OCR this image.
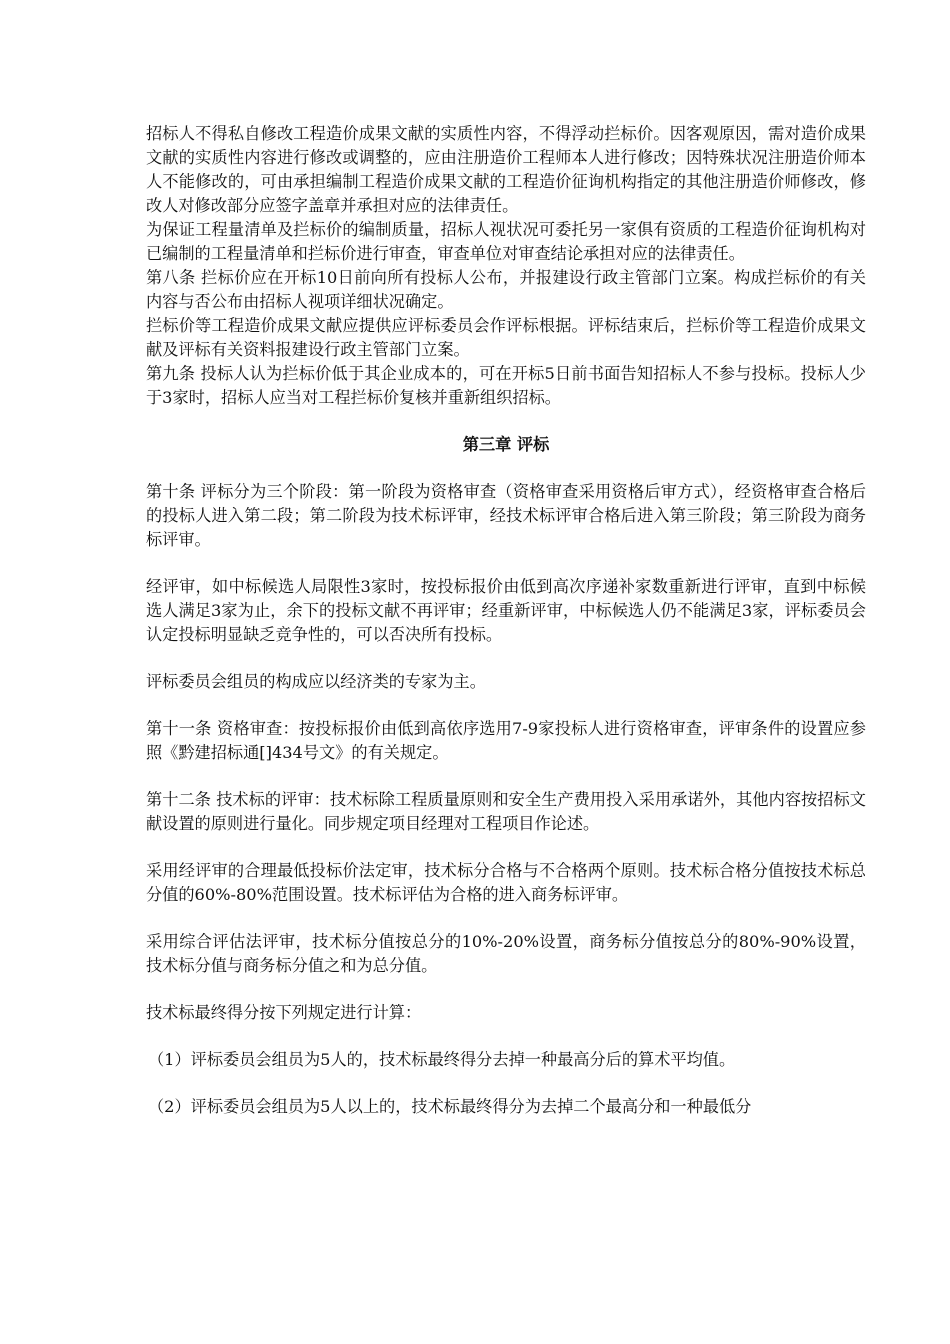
招标人不得私自修改工程造价成果文献的实质性内容，不得浮动拦标价。因客观原因，需对造价成果文献的实质性内容进行修改或调整的，应由注册造价工程师本人进行修改；因特殊状况注册造价师本人不能修改的，可由承担编制工程造价成果文献的工程造价征询机构指定的其他注册造价师修改，修改人对修改部分应签字盖章并承担对应的法律责任。

为保证工程量清单及拦标价的编制质量，招标人视状况可委托另一家俱有资质的工程造价征询机构对已编制的工程量清单和拦标价进行审查，审查单位对审查结论承担对应的法律责任。

第八条 拦标价应在开标10日前向所有投标人公布，并报建设行政主管部门立案。构成拦标价的有关内容与否公布由招标人视项详细状况确定。

拦标价等工程造价成果文献应提供应评标委员会作评标根据。评标结束后，拦标价等工程造价成果文献及评标有关资料报建设行政主管部门立案。

第九条 投标人认为拦标价低于其企业成本的，可在开标5日前书面告知招标人不参与投标。投标人少于3家时，招标人应当对工程拦标价复核并重新组织招标。

第三章 评标

第十条 评标分为三个阶段：第一阶段为资格审查（资格审查采用资格后审方式），经资格审查合格后的投标人进入第二段；第二阶段为技术标评审，经技术标评审合格后进入第三阶段；第三阶段为商务标评审。

经评审，如中标候选人局限性3家时，按投标报价由低到高次序递补家数重新进行评审，直到中标候选人满足3家为止，余下的投标文献不再评审；经重新评审，中标候选人仍不能满足3家，评标委员会认定投标明显缺乏竞争性的，可以否决所有投标。

评标委员会组员的构成应以经济类的专家为主。

第十一条 资格审查：按投标报价由低到高依序选用7-9家投标人进行资格审查，评审条件的设置应参照《黔建招标通[]434号文》的有关规定。

第十二条 技术标的评审：技术标除工程质量原则和安全生产费用投入采用承诺外，其他内容按招标文献设置的原则进行量化。同步规定项目经理对工程项目作论述。

采用经评审的合理最低投标价法定审，技术标分合格与不合格两个原则。技术标合格分值按技术标总分值的60%-80%范围设置。技术标评估为合格的进入商务标评审。

采用综合评估法评审，技术标分值按总分的10%-20%设置，商务标分值按总分的80%-90%设置，技术标分值与商务标分值之和为总分值。

技术标最终得分按下列规定进行计算：

（1）评标委员会组员为5人的，技术标最终得分去掉一种最高分后的算术平均值。

（2）评标委员会组员为5人以上的，技术标最终得分为去掉二个最高分和一种最低分
